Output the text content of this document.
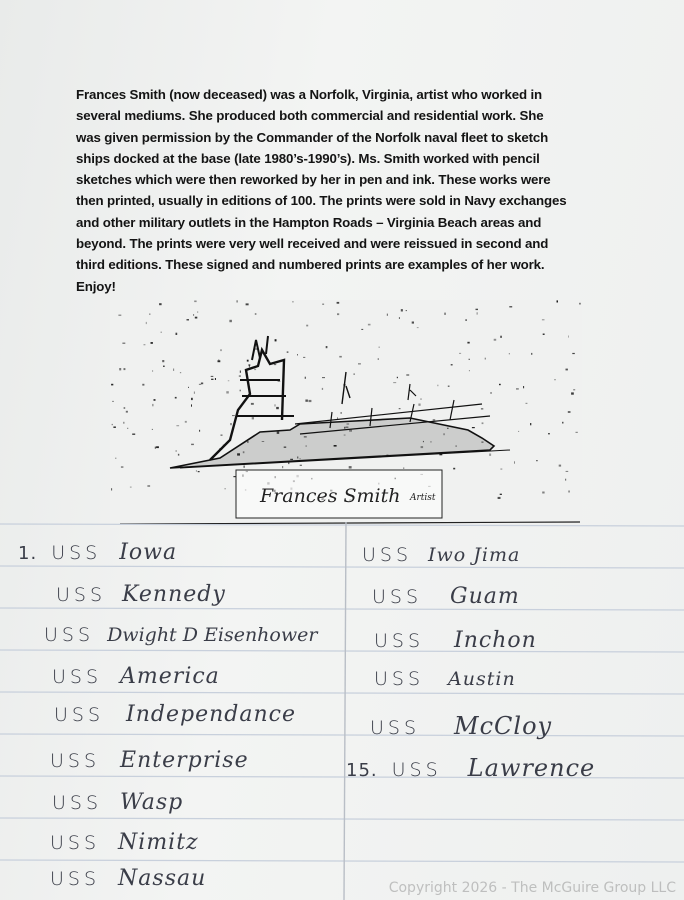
Frances Smith (now deceased) was a Norfolk, Virginia, artist who worked in

several mediums. She produced both commercial and residential work. She

was given permission by the Commander of the Norfolk naval fleet to sketch

ships docked at the base (late 1980’s-1990’s). Ms. Smith worked with pencil

sketches which were then reworked by her in pen and ink. These works were

then printed, usually in editions of 100. The prints were sold in Navy exchanges

and other military outlets in the Hampton Roads – Virginia Beach areas and

beyond. The prints were very well received and were reissued in second and

third editions. These signed and numbered prints are examples of her work.

Enjoy!

Frances Smith Artist
1. USS Iowa
USS Kennedy
USS Dwight D Eisenhower
USS America
USS Independance
USS Enterprise
USS Wasp
USS Nimitz
USS Nassau
USS Iwo Jima
USS Guam
USS Inchon
USS Austin
USS McCloy
15. USS Lawrence
Copyright 2026 - The McGuire Group LLC
